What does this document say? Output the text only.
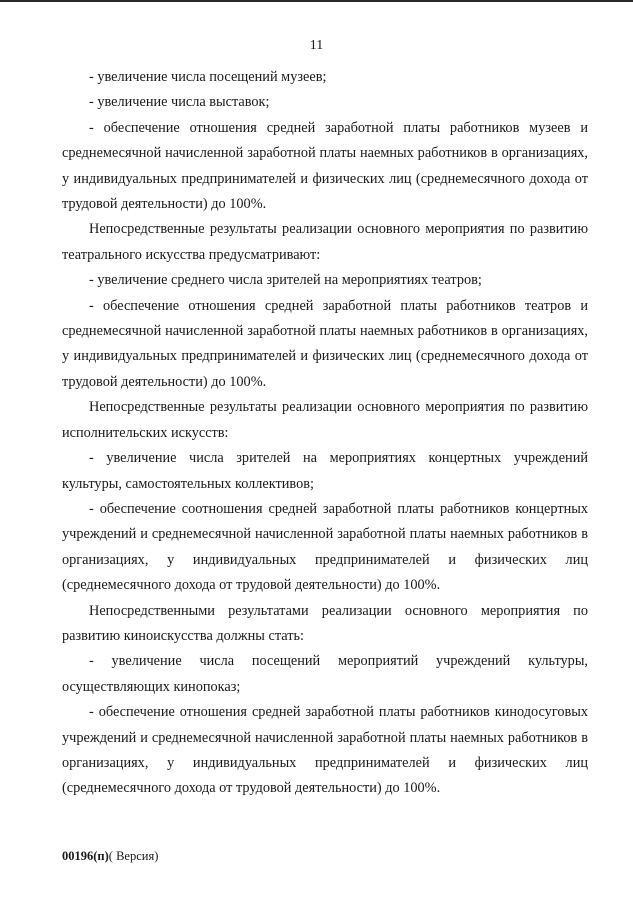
11

- увеличение числа посещений музеев;

- увеличение числа выставок;

- обеспечение отношения средней заработной платы работников музеев и среднемесячной начисленной заработной платы наемных работников в организациях, у индивидуальных предпринимателей и физических лиц (среднемесячного дохода от трудовой деятельности) до 100%.

Непосредственные результаты реализации основного мероприятия по развитию театрального искусства предусматривают:

- увеличение среднего числа зрителей на мероприятиях театров;

- обеспечение отношения средней заработной платы работников театров и среднемесячной начисленной заработной платы наемных работников в организациях, у индивидуальных предпринимателей и физических лиц (среднемесячного дохода от трудовой деятельности) до 100%.

Непосредственные результаты реализации основного мероприятия по развитию исполнительских искусств:

- увеличение числа зрителей на мероприятиях концертных учреждений культуры, самостоятельных коллективов;

- обеспечение соотношения средней заработной платы работников концертных учреждений и среднемесячной начисленной заработной платы наемных работников в организациях, у индивидуальных предпринимателей и физических лиц (среднемесячного дохода от трудовой деятельности) до 100%.

Непосредственными результатами реализации основного мероприятия по развитию киноискусства должны стать:

- увеличение числа посещений мероприятий учреждений культуры, осуществляющих кинопоказ;

- обеспечение отношения средней заработной платы работников кинодосуговых учреждений и среднемесячной начисленной заработной платы наемных работников в организациях, у индивидуальных предпринимателей и физических лиц (среднемесячного дохода от трудовой деятельности) до 100%.

00196(п)( Версия)
